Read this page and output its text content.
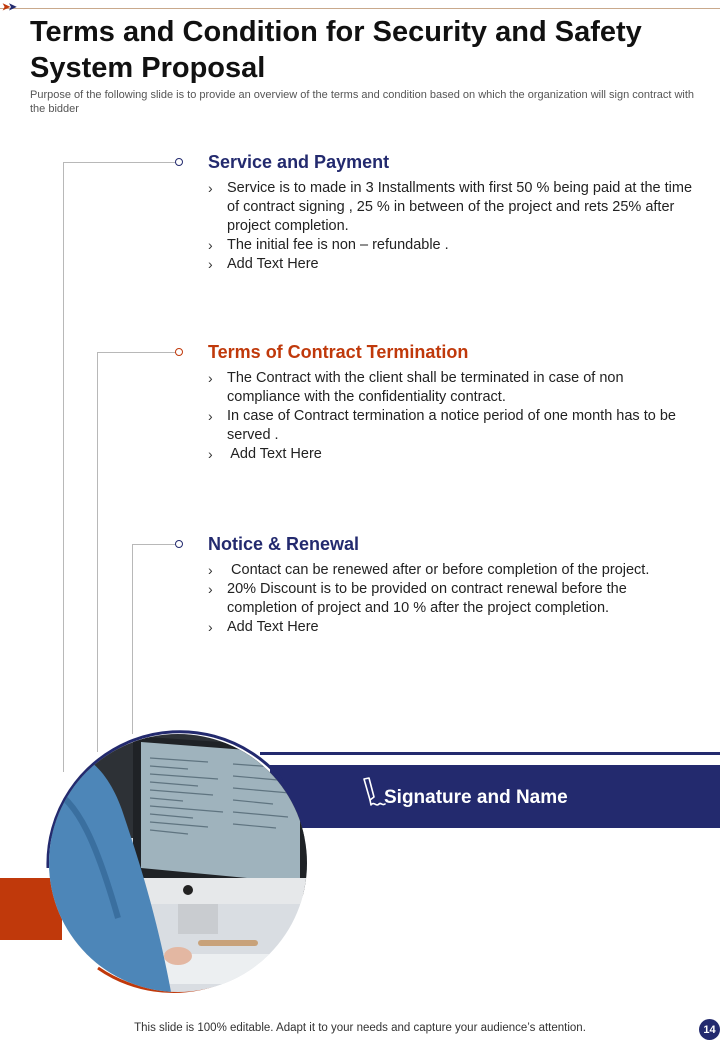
➤➤
Terms and Condition for Security and Safety System Proposal
Purpose of the following slide is to provide an overview of the terms and condition based on which the organization will sign contract with the bidder
Service and Payment
› Service is to made in 3 Installments with first 50 % being paid at the time of contract signing , 25 % in between of the project and rets 25% after project completion.
› The initial fee is non – refundable .
› Add Text Here
Terms of Contract Termination
› The Contract with the client shall be terminated in case of non compliance with the confidentiality contract.
› In case of Contract termination a notice period of one month has to be served .
› Add Text Here
Notice & Renewal
› Contact can be renewed after or before completion of the project.
› 20% Discount is to be provided on contract renewal before the completion of project and 10 % after the project completion.
› Add Text Here
Signature and Name
This slide is 100% editable. Adapt it to your needs and capture your audience’s attention.	14
